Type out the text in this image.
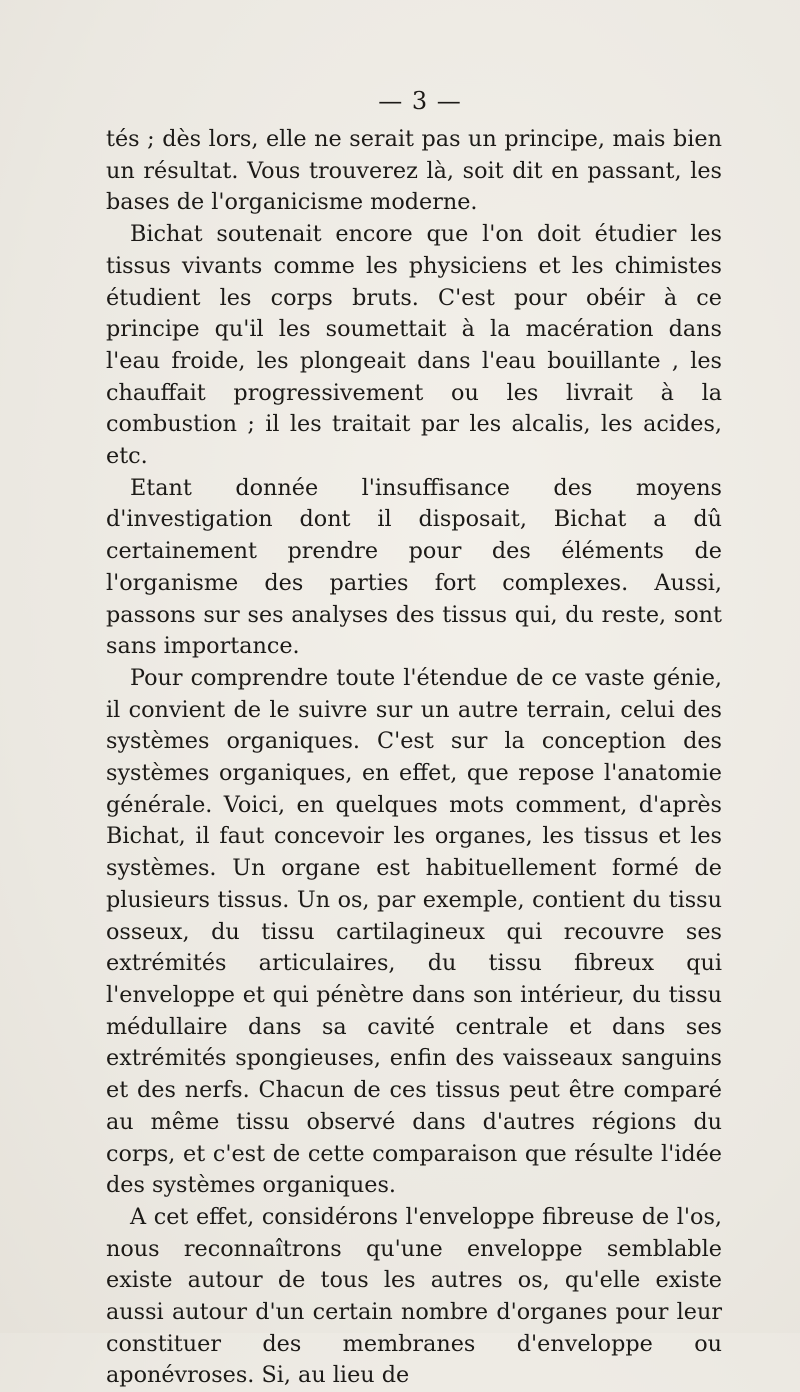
— 3 —

tés ; dès lors, elle ne serait pas un principe, mais bien un résultat. Vous trouverez là, soit dit en passant, les bases de l'organicisme moderne.

Bichat soutenait encore que l'on doit étudier les tissus vivants comme les physiciens et les chimistes étudient les corps bruts. C'est pour obéir à ce principe qu'il les soumettait à la macération dans l'eau froide, les plongeait dans l'eau bouillante , les chauffait progressivement ou les livrait à la combustion ; il les traitait par les alcalis, les acides, etc.

Etant donnée l'insuffisance des moyens d'investigation dont il disposait, Bichat a dû certainement prendre pour des éléments de l'organisme des parties fort complexes. Aussi, passons sur ses analyses des tissus qui, du reste, sont sans importance.

Pour comprendre toute l'étendue de ce vaste génie, il convient de le suivre sur un autre terrain, celui des systèmes organiques. C'est sur la conception des systèmes organiques, en effet, que repose l'anatomie générale. Voici, en quelques mots comment, d'après Bichat, il faut concevoir les organes, les tissus et les systèmes. Un organe est habituellement formé de plusieurs tissus. Un os, par exemple, contient du tissu osseux, du tissu cartilagineux qui recouvre ses extrémités articulaires, du tissu fibreux qui l'enveloppe et qui pénètre dans son intérieur, du tissu médullaire dans sa cavité centrale et dans ses extrémités spongieuses, enfin des vaisseaux sanguins et des nerfs. Chacun de ces tissus peut être comparé au même tissu observé dans d'autres régions du corps, et c'est de cette comparaison que résulte l'idée des systèmes organiques.

A cet effet, considérons l'enveloppe fibreuse de l'os, nous reconnaîtrons qu'une enveloppe semblable existe autour de tous les autres os, qu'elle existe aussi autour d'un certain nombre d'organes pour leur constituer des membranes d'enveloppe ou aponévroses. Si, au lieu de
